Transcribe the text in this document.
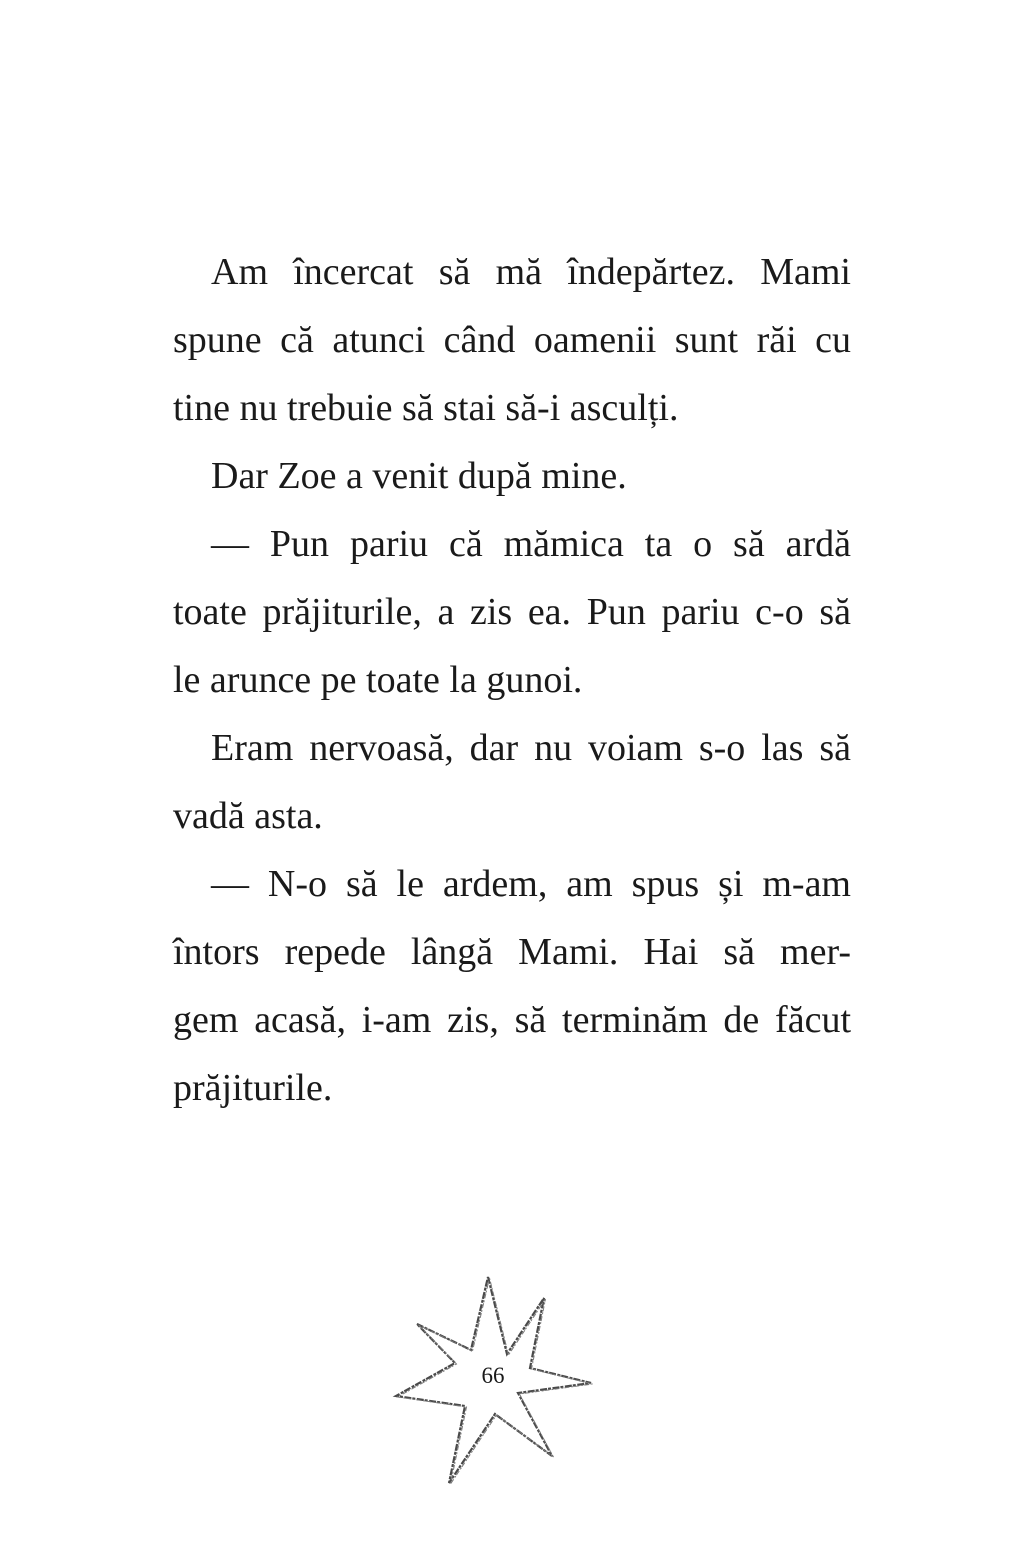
Am încercat să mă îndepărtez. Mami
spune că atunci când oamenii sunt răi cu
tine nu trebuie să stai să-i asculți.
Dar Zoe a venit după mine.
— Pun pariu că mămica ta o să ardă
toate prăjiturile, a zis ea. Pun pariu c-o să
le arunce pe toate la gunoi.
Eram nervoasă, dar nu voiam s-o las să
vadă asta.
— N-o să le ardem, am spus și m-am
întors repede lângă Mami. Hai să mer-
gem acasă, i-am zis, să terminăm de făcut
prăjiturile.
66
